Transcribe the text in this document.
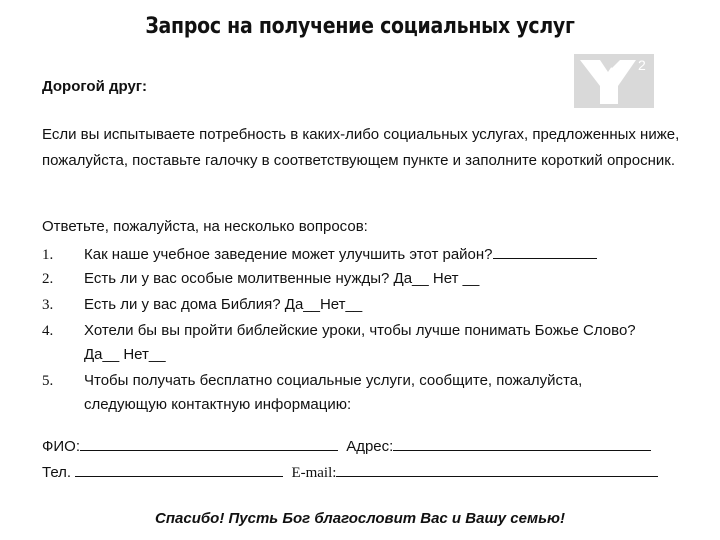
Запрос на получение социальных услуг
2
Дорогой друг:
Если вы испытываете потребность в каких-либо социальных услугах, предложенных ниже, пожалуйста, поставьте галочку в соответствующем пункте и заполните короткий опросник.
Ответьте, пожалуйста, на несколько вопросов:
1. Как наше учебное заведение может улучшить этот район?
2. Есть ли у вас особые молитвенные нужды? Да__ Нет __
3. Есть ли у вас дома Библия? Да__Нет__
4. Хотели бы вы пройти библейские уроки, чтобы лучше понимать Божье Слово?
Да__ Нет__
5. Чтобы получать бесплатно социальные услуги, сообщите, пожалуйста,
следующую контактную информацию:
ФИО:	Адрес:
Тел.	E-mail:
Спасибо! Пусть Бог благословит Вас и Вашу семью!
